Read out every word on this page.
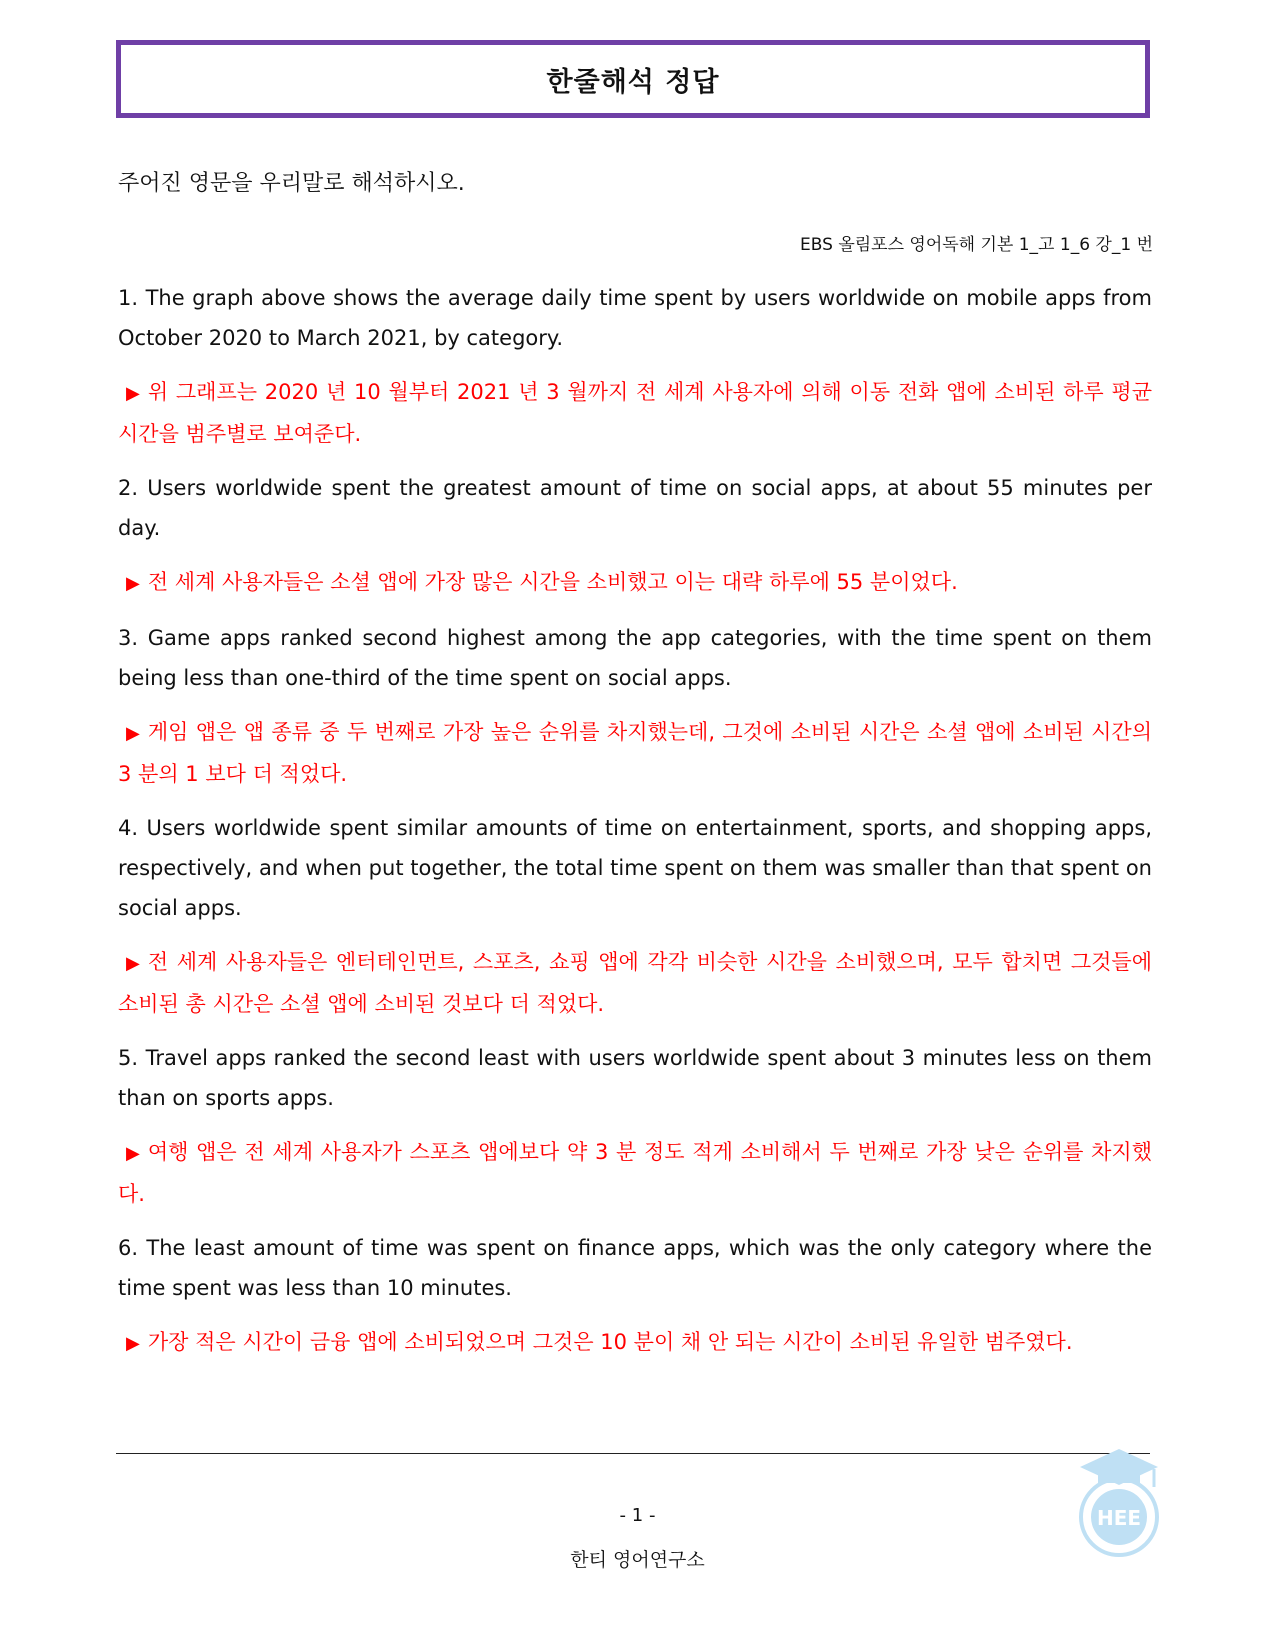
한줄해석 정답
주어진 영문을 우리말로 해석하시오.
EBS 올림포스 영어독해 기본 1_고 1_6 강_1 번

1. The graph above shows the average daily time spent by users worldwide on mobile apps from October 2020 to March 2021, by category.

▶ 위 그래프는 2020 년 10 월부터 2021 년 3 월까지 전 세계 사용자에 의해 이동 전화 앱에 소비된 하루 평균 시간을 범주별로 보여준다.

2. Users worldwide spent the greatest amount of time on social apps, at about 55 minutes per day.

▶ 전 세계 사용자들은 소셜 앱에 가장 많은 시간을 소비했고 이는 대략 하루에 55 분이었다.

3. Game apps ranked second highest among the app categories, with the time spent on them being less than one-third of the time spent on social apps.

▶ 게임 앱은 앱 종류 중 두 번째로 가장 높은 순위를 차지했는데, 그것에 소비된 시간은 소셜 앱에 소비된 시간의 3 분의 1 보다 더 적었다.

4. Users worldwide spent similar amounts of time on entertainment, sports, and shopping apps, respectively, and when put together, the total time spent on them was smaller than that spent on social apps.

▶ 전 세계 사용자들은 엔터테인먼트, 스포츠, 쇼핑 앱에 각각 비슷한 시간을 소비했으며, 모두 합치면 그것들에 소비된 총 시간은 소셜 앱에 소비된 것보다 더 적었다.

5. Travel apps ranked the second least with users worldwide spent about 3 minutes less on them than on sports apps.

▶ 여행 앱은 전 세계 사용자가 스포츠 앱에보다 약 3 분 정도 적게 소비해서 두 번째로 가장 낮은 순위를 차지했다.

6. The least amount of time was spent on finance apps, which was the only category where the time spent was less than 10 minutes.

▶ 가장 적은 시간이 금융 앱에 소비되었으며 그것은 10 분이 채 안 되는 시간이 소비된 유일한 범주였다.

HEE
- 1 -
한티 영어연구소
